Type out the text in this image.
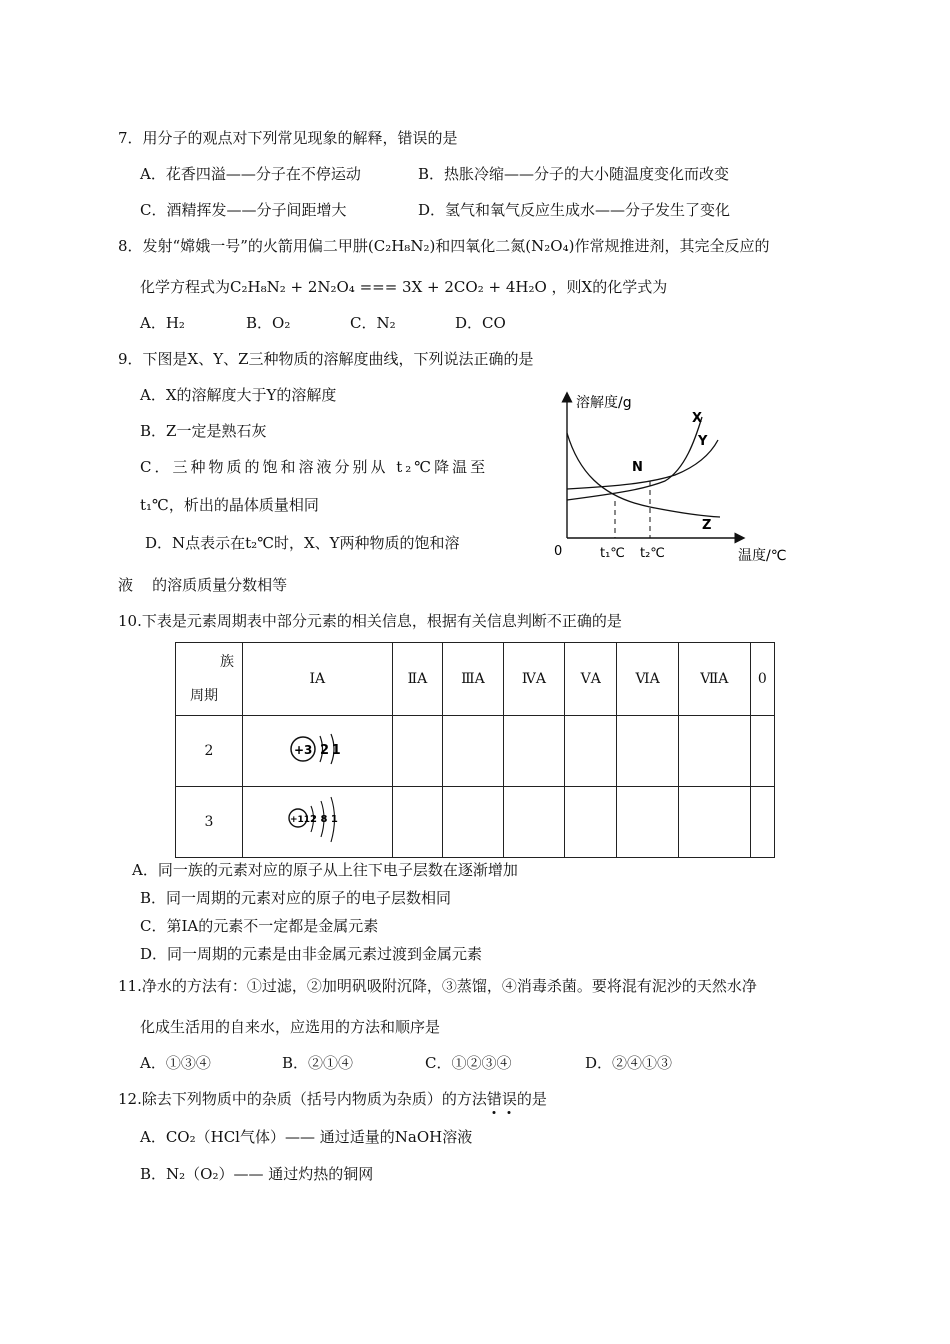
7．用分子的观点对下列常见现象的解释，错误的是
A．花香四溢——分子在不停运动	B．热胀冷缩——分子的大小随温度变化而改变
C．酒精挥发——分子间距增大	D．氢气和氧气反应生成水——分子发生了变化
8．发射“嫦娥一号”的火箭用偏二甲肼(C₂H₈N₂)和四氧化二氮(N₂O₄)作常规推进剂，其完全反应的
化学方程式为C₂H₈N₂ + 2N₂O₄ === 3X + 2CO₂ + 4H₂O ，则X的化学式为
A．H₂	B．O₂	C．N₂	D．CO
9．下图是X、Y、Z三种物质的溶解度曲线，下列说法正确的是
A．X的溶解度大于Y的溶解度
B．Z一定是熟石灰
C．三种物质的饱和溶液分别从 t₂℃降温至
t₁℃，析出的晶体质量相同
D．N点表示在t₂℃时，X、Y两种物质的饱和溶
液    的溶质质量分数相等
溶解度/g
温度/℃
0
N
X
Y
Z
t₁℃ t₂℃
10.下表是元素周期表中部分元素的相关信息，根据有关信息判断不正确的是
族
周期	ⅠA	ⅡA	ⅢA	ⅣA	ⅤA	ⅥA	ⅦA	0
2	+3 2 1							

3	+11 2 8 1							

A．同一族的元素对应的原子从上往下电子层数在逐渐增加
B．同一周期的元素对应的原子的电子层数相同
C．第ⅠA的元素不一定都是金属元素
D．同一周期的元素是由非金属元素过渡到金属元素
11.净水的方法有：①过滤，②加明矾吸附沉降，③蒸馏，④消毒杀菌。要将混有泥沙的天然水净
化成生活用的自来水，应选用的方法和顺序是
A．①③④	B．②①④	C．①②③④	D．②④①③
12.除去下列物质中的杂质（括号内物质为杂质）的方法错误的是
A．CO₂（HCl气体）—— 通过适量的NaOH溶液
B．N₂（O₂）—— 通过灼热的铜网
